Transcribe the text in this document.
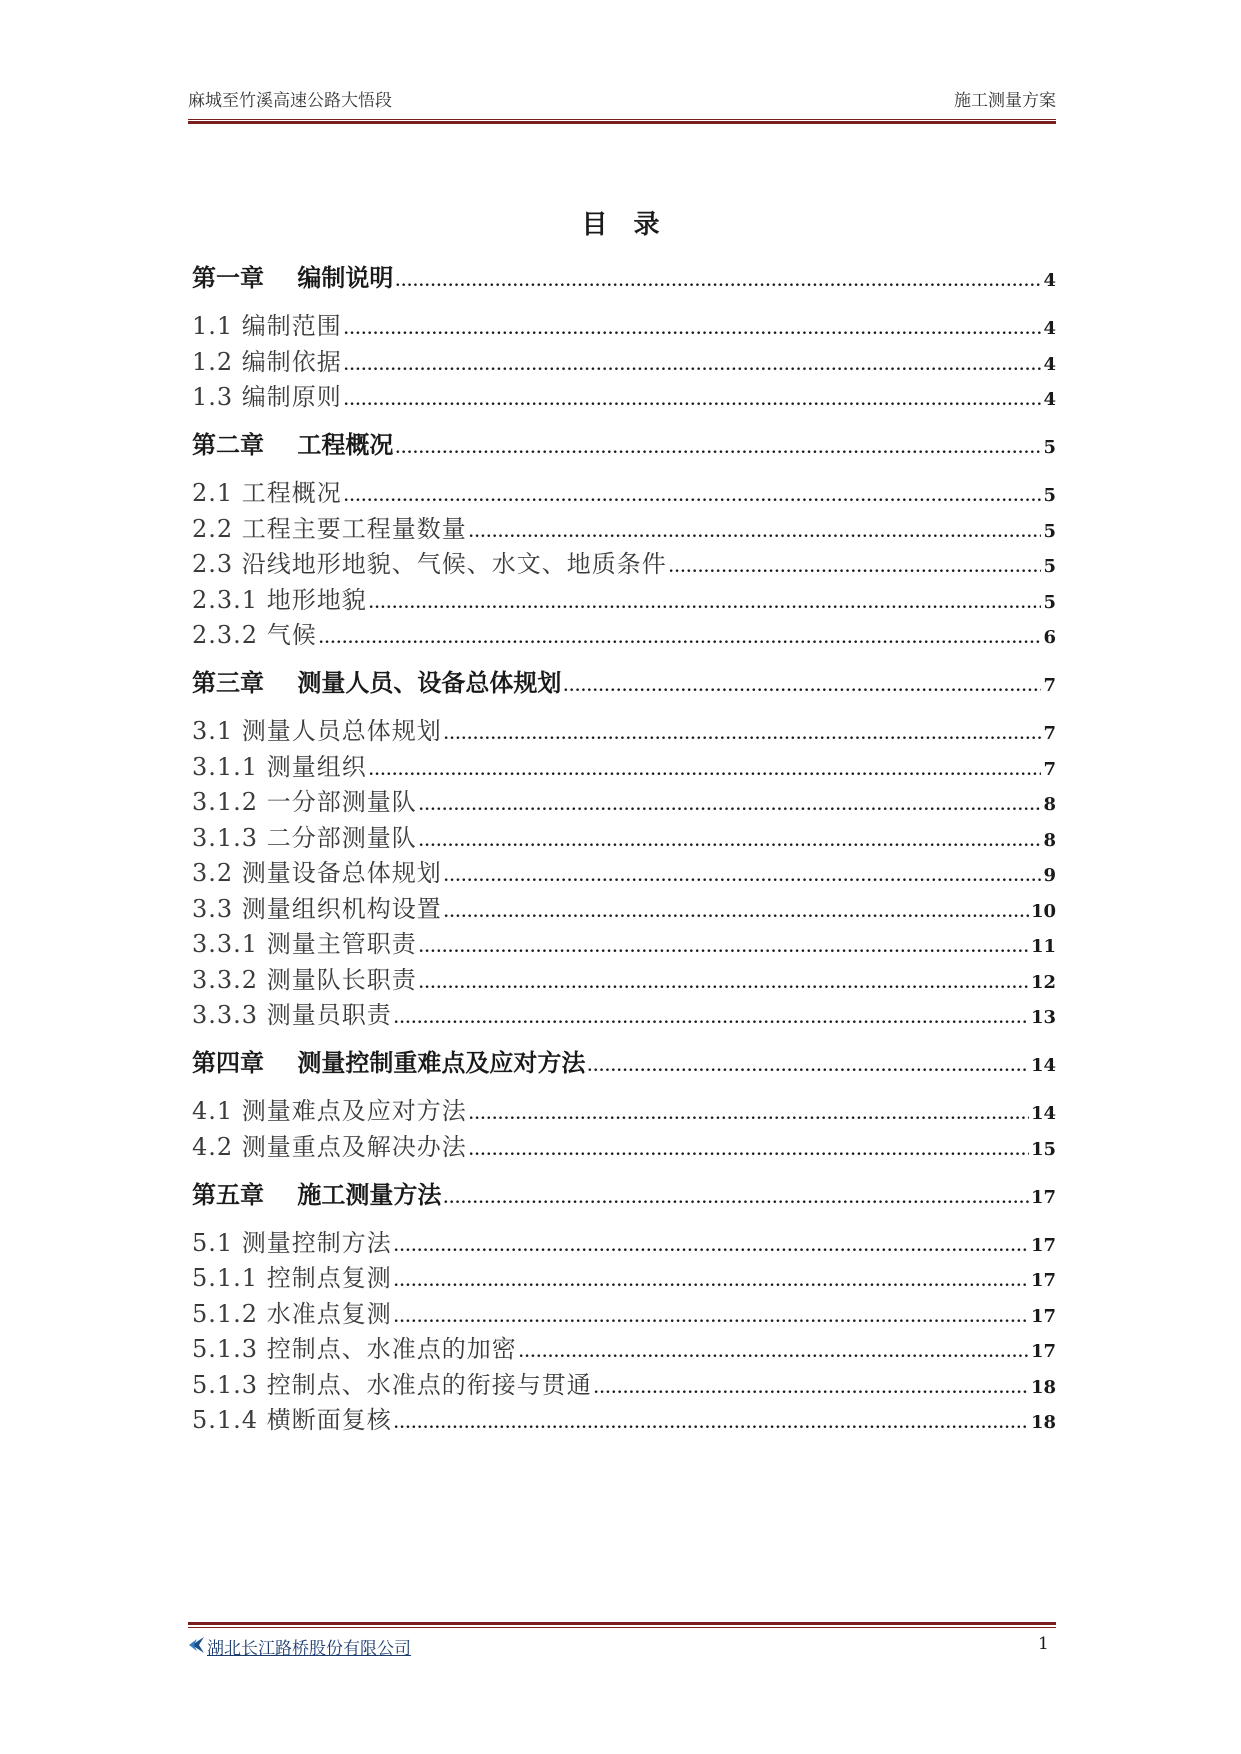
麻城至竹溪高速公路大悟段	施工测量方案
目录
第一章    编制说明 .....	4
1.1 编制范围 .....	4
1.2 编制依据 .....	4
1.3 编制原则 .....	4
第二章    工程概况 .....	5
2.1 工程概况 .....	5
2.2 工程主要工程量数量 .....	5
2.3 沿线地形地貌、气候、水文、地质条件 .....	5
2.3.1 地形地貌 .....	5
2.3.2 气候 .....	6
第三章    测量人员、设备总体规划 .....	7
3.1 测量人员总体规划 .....	7
3.1.1 测量组织 .....	7
3.1.2 一分部测量队 .....	8
3.1.3 二分部测量队 .....	8
3.2 测量设备总体规划 .....	9
3.3 测量组织机构设置 .....	10
3.3.1 测量主管职责 .....	11
3.3.2 测量队长职责 .....	12
3.3.3 测量员职责 .....	13
第四章    测量控制重难点及应对方法 .....	14
4.1 测量难点及应对方法 .....	14
4.2 测量重点及解决办法 .....	15
第五章    施工测量方法 .....	17
5.1 测量控制方法 .....	17
5.1.1 控制点复测 .....	17
5.1.2 水准点复测 .....	17
5.1.3 控制点、水准点的加密 .....	17
5.1.3 控制点、水准点的衔接与贯通 .....	18
5.1.4 横断面复核 .....	18
湖北长江路桥股份有限公司	1
